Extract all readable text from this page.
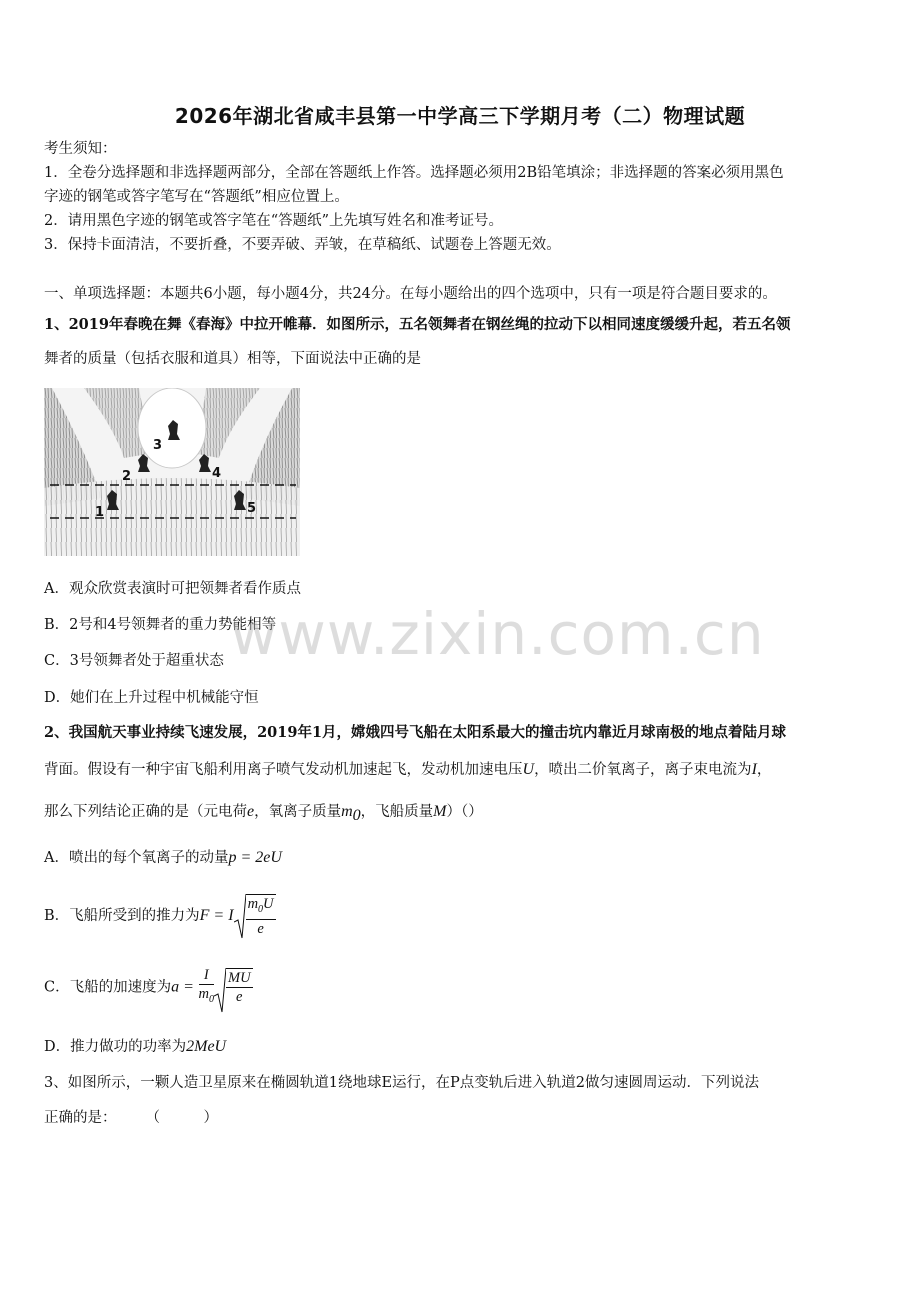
2026年湖北省咸丰县第一中学高三下学期月考（二）物理试题
考生须知：
1．全卷分选择题和非选择题两部分，全部在答题纸上作答。选择题必须用2B铅笔填涂；非选择题的答案必须用黑色
字迹的钢笔或答字笔写在“答题纸”相应位置上。
2．请用黑色字迹的钢笔或答字笔在“答题纸”上先填写姓名和准考证号。
3．保持卡面清洁，不要折叠，不要弄破、弄皱，在草稿纸、试题卷上答题无效。
一、单项选择题：本题共6小题，每小题4分，共24分。在每小题给出的四个选项中，只有一项是符合题目要求的。
1、2019年春晚在舞《春海》中拉开帷幕．如图所示，五名领舞者在钢丝绳的拉动下以相同速度缓缓升起，若五名领
舞者的质量（包括衣服和道具）相等，下面说法中正确的是
3
2	4
1	5
A．观众欣赏表演时可把领舞者看作质点
B．2号和4号领舞者的重力势能相等
C．3号领舞者处于超重状态
D．她们在上升过程中机械能守恒
www.zixin.com.cn
2、我国航天事业持续飞速发展，2019年1月，嫦娥四号飞船在太阳系最大的撞击坑内靠近月球南极的地点着陆月球
背面。假设有一种宇宙飞船利用离子喷气发动机加速起飞，发动机加速电压U，喷出二价氧离子，离子束电流为I，
那么下列结论正确的是（元电荷e，氧离子质量$m_0$，飞船质量M）（）
A．喷出的每个氧离子的动量p = 2eU
B．飞船所受到的推力为F = I $\frac{m_0U}{e}$
C．飞船的加速度为$a = \frac{I}{m_0} \frac{MU}{e}$
D．推力做功的功率为2MeU
3、如图所示，一颗人造卫星原来在椭圆轨道1绕地球E运行，在P点变轨后进入轨道2做匀速圆周运动．下列说法
正确的是：　　　（　　　）
